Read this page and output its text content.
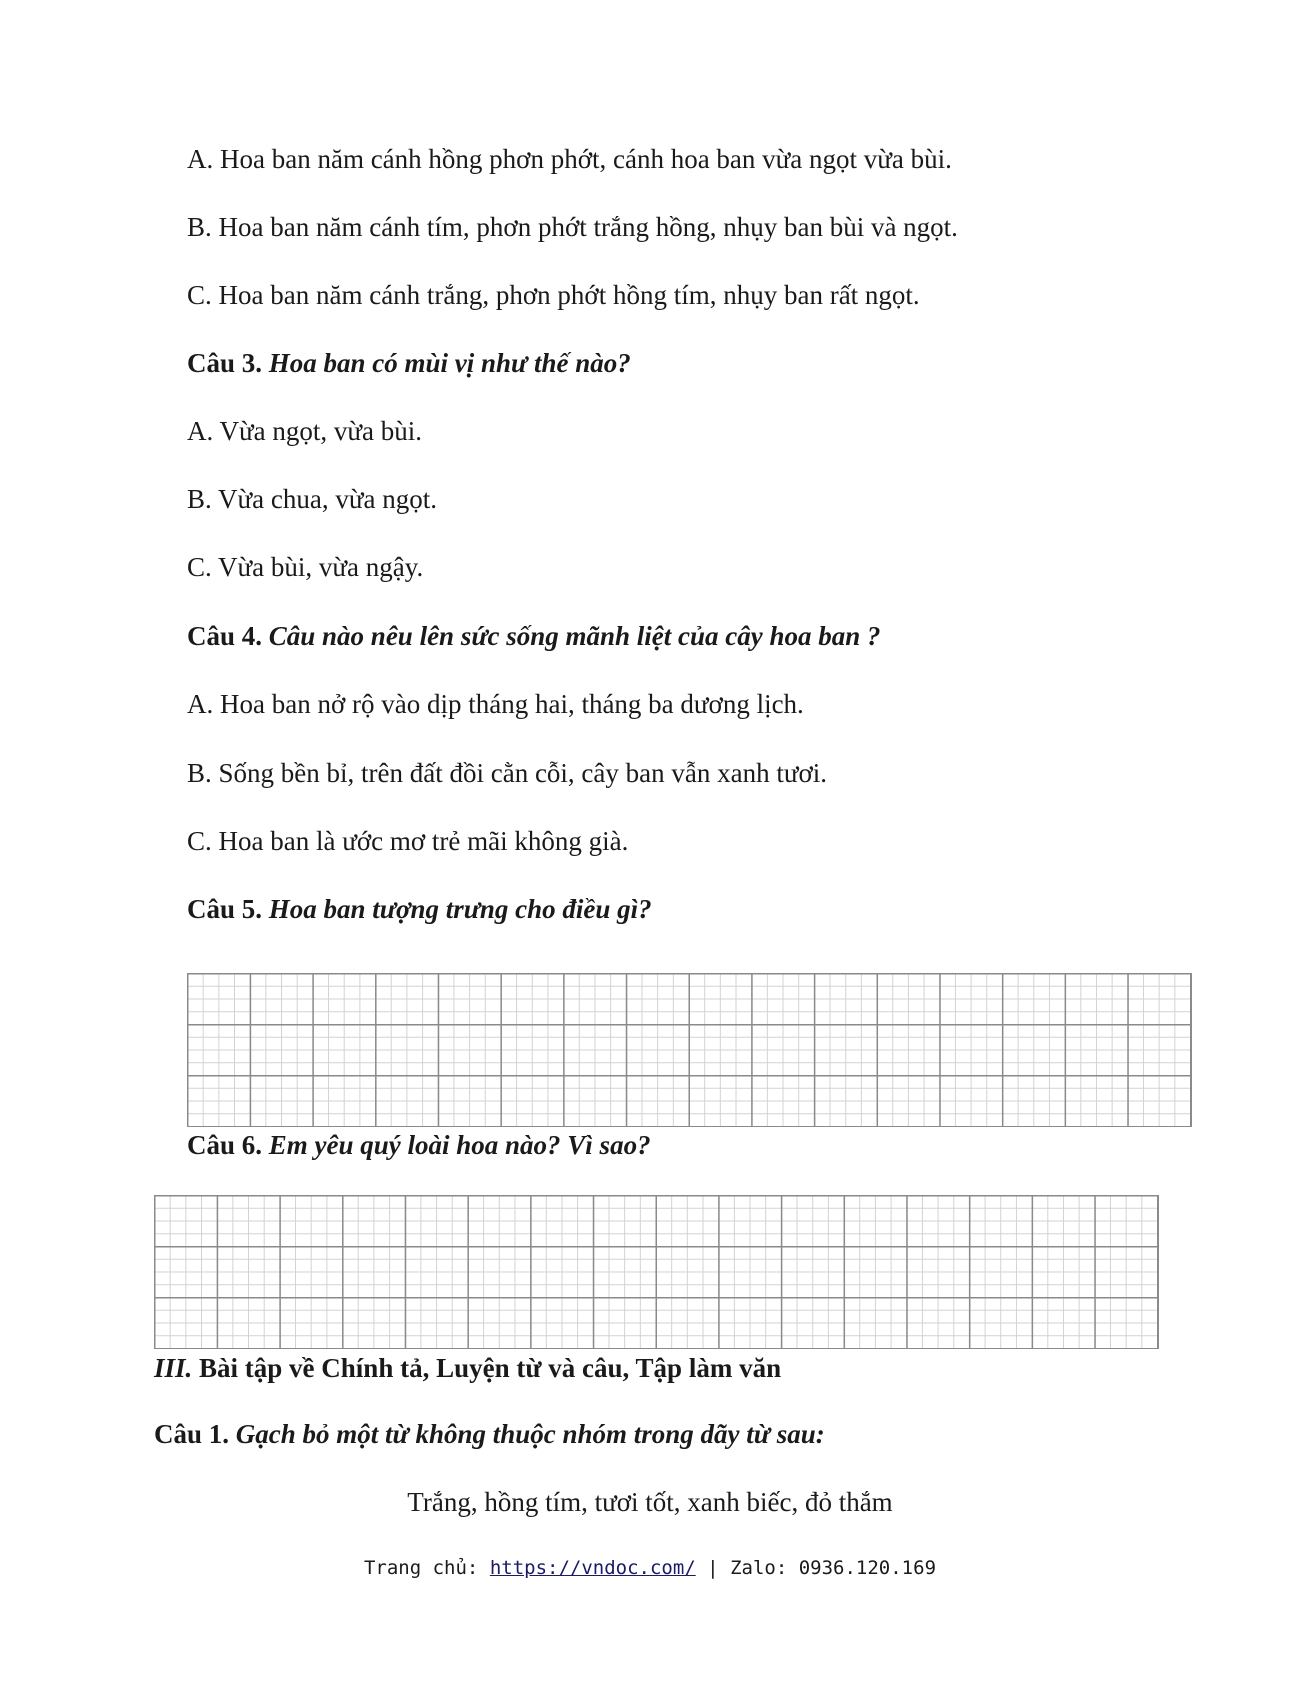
A. Hoa ban năm cánh hồng phơn phớt, cánh hoa ban vừa ngọt vừa bùi.
B. Hoa ban năm cánh tím, phơn phớt trắng hồng, nhụy ban bùi và ngọt.
C. Hoa ban năm cánh trắng, phơn phớt hồng tím, nhụy ban rất ngọt.
Câu 3. Hoa ban có mùi vị như thế nào?
A. Vừa ngọt, vừa bùi.
B. Vừa chua, vừa ngọt.
C. Vừa bùi, vừa ngậy.
Câu 4. Câu nào nêu lên sức sống mãnh liệt của cây hoa ban ?
A. Hoa ban nở rộ vào dịp tháng hai, tháng ba dương lịch.
B. Sống bền bỉ, trên đất đồi cằn cỗi, cây ban vẫn xanh tươi.
C. Hoa ban là ước mơ trẻ mãi không già.
Câu 5. Hoa ban tượng trưng cho điều gì?
Câu 6. Em yêu quý loài hoa nào? Vì sao?
III. Bài tập về Chính tả, Luyện từ và câu, Tập làm văn
Câu 1. Gạch bỏ một từ không thuộc nhóm trong dãy từ sau:
Trắng, hồng tím, tươi tốt, xanh biếc, đỏ thắm
Trang chủ: https://vndoc.com/ | Zalo: 0936.120.169
